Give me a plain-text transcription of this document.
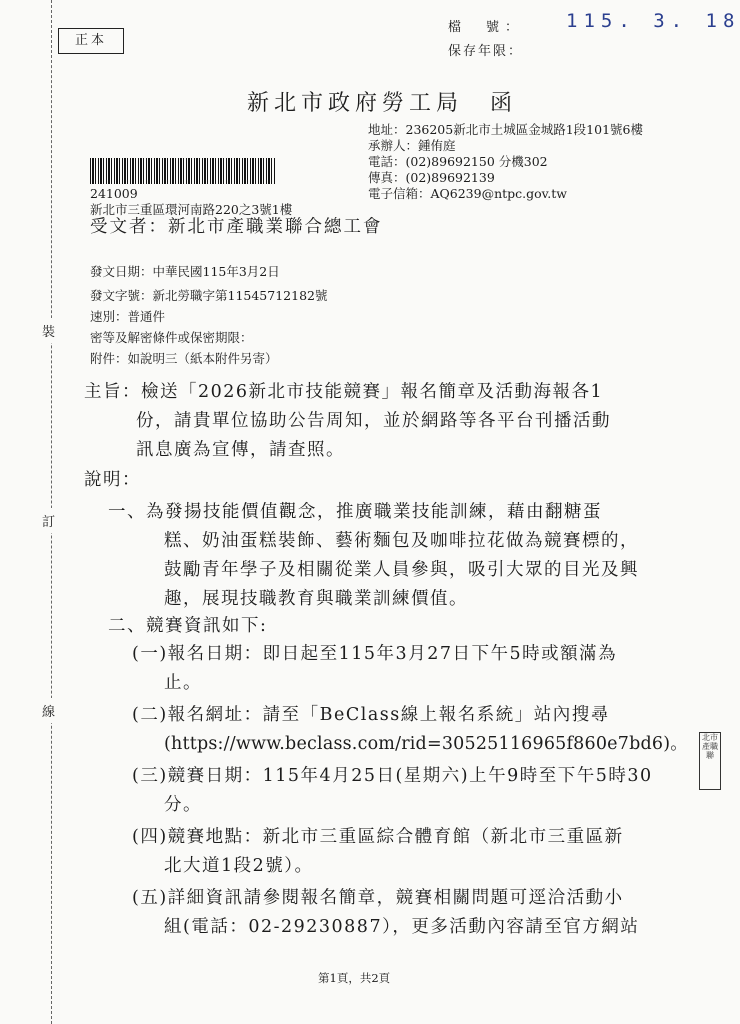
裝
訂
線
正本
檔　號： 115. 3. 18
保存年限：
新北市政府勞工局　函
地址：236205新北市土城區金城路1段101號6樓
承辦人：鍾侑庭
電話：(02)89692150 分機302
傳真：(02)89692139
電子信箱：AQ6239@ntpc.gov.tw
241009
新北市三重區環河南路220之3號1樓
受文者：新北市產職業聯合總工會
發文日期：中華民國115年3月2日
發文字號：新北勞職字第11545712182號
速別：普通件
密等及解密條件或保密期限：
附件：如說明三（紙本附件另寄）
主旨：檢送「2026新北市技能競賽」報名簡章及活動海報各1
份，請貴單位協助公告周知，並於網路等各平台刊播活動
訊息廣為宣傳，請查照。
說明：
一、為發揚技能價值觀念，推廣職業技能訓練，藉由翻糖蛋
糕、奶油蛋糕裝飾、藝術麵包及咖啡拉花做為競賽標的，
鼓勵青年學子及相關從業人員參與，吸引大眾的目光及興
趣，展現技職教育與職業訓練價值。
二、競賽資訊如下:
(一)報名日期：即日起至115年3月27日下午5時或額滿為
止。
(二)報名網址：請至「BeClass線上報名系統」站內搜尋
(https://www.beclass.com/rid=30525116965f860e7bd6)。
(三)競賽日期：115年4月25日(星期六)上午9時至下午5時30
分。
(四)競賽地點：新北市三重區綜合體育館（新北市三重區新
北大道1段2號）。
(五)詳細資訊請參閱報名簡章，競賽相關問題可逕洽活動小
組(電話：02-29230887），更多活動內容請至官方網站
北市產職聯
第1頁，共2頁
